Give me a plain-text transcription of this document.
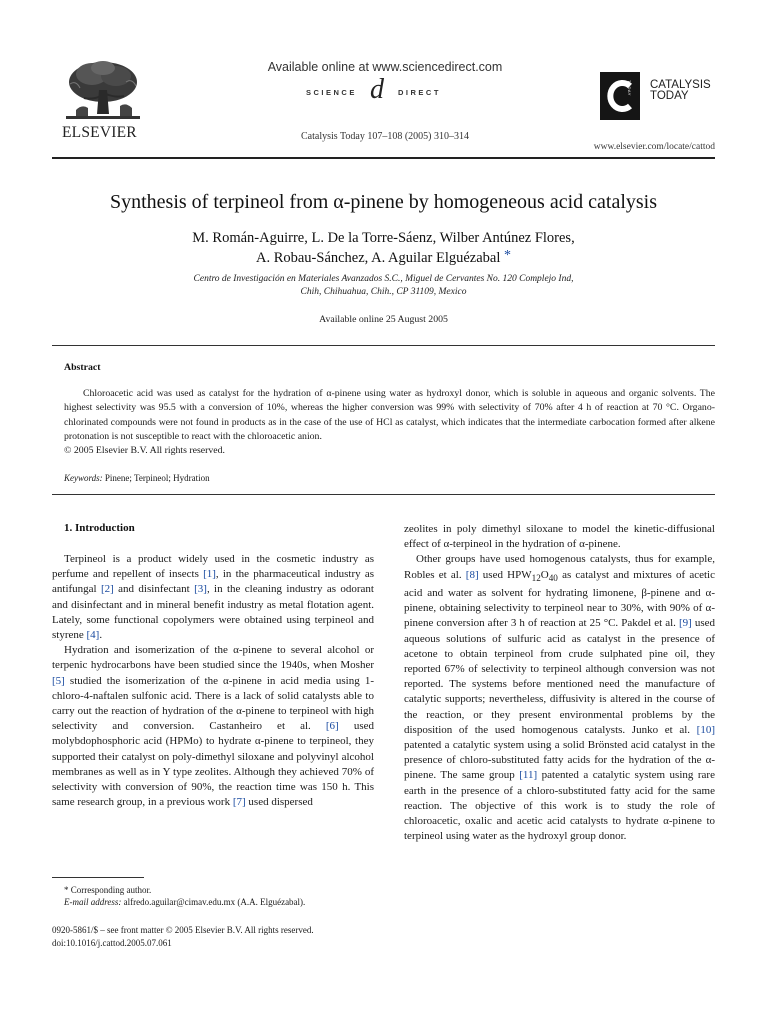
ELSEVIER
Available online at www.sciencedirect.com
SCIENCE d	DIRECT
Catalysis Today 107–108 (2005) 310–314
TODAY CATALYSIS
TODAY
www.elsevier.com/locate/cattod
Synthesis of terpineol from α-pinene by homogeneous acid catalysis
M. Román-Aguirre, L. De la Torre-Sáenz, Wilber Antúnez Flores,
A. Robau-Sánchez, A. Aguilar Elguézabal *
Centro de Investigación en Materiales Avanzados S.C., Miguel de Cervantes No. 120 Complejo Ind,
Chih, Chihuahua, Chih., CP 31109, Mexico
Available online 25 August 2005
Abstract
Chloroacetic acid was used as catalyst for the hydration of α-pinene using water as hydroxyl donor, which is soluble in aqueous and organic solvents. The highest selectivity was 95.5 with a conversion of 10%, whereas the higher conversion was 99% with selectivity of 70% after 4 h of reaction at 70 °C. Organo-chlorinated compounds were not found in products as in the case of the use of HCl as catalyst, which indicates that the intermediate carbocation formed after alkene protonation is not susceptible to react with the chloroacetic anion.
© 2005 Elsevier B.V. All rights reserved.
Keywords: Pinene; Terpineol; Hydration
1. Introduction

Terpineol is a product widely used in the cosmetic industry as perfume and repellent of insects [1], in the pharmaceutical industry as antifungal [2] and disinfectant [3], in the cleaning industry as odorant and disinfectant and in mineral benefit industry as metal flotation agent. Lately, some functional copolymers were obtained using terpineol and styrene [4].

Hydration and isomerization of the α-pinene to several alcohol or terpenic hydrocarbons have been studied since the 1940s, when Mosher [5] studied the isomerization of the α-pinene in acid media using 1-chloro-4-naftalen sulfonic acid. There is a lack of solid catalysts able to carry out the reaction of hydration of the α-pinene to terpineol with high selectivity and conversion. Castanheiro et al. [6] used molybdophosphoric acid (HPMo) to hydrate α-pinene to terpineol, they supported their catalyst on poly-dimethyl siloxane and polyvinyl alcohol membranes as well as in Y type zeolites. Although they achieved 70% of selectivity with conversion of 90%, the reaction time was 150 h. This same research group, in a previous work [7] used dispersed

zeolites in poly dimethyl siloxane to model the kinetic-diffusional effect of α-terpineol in the hydration of α-pinene.

Other groups have used homogenous catalysts, thus for example, Robles et al. [8] used $HPW_{12}O_{40}$ as catalyst and mixtures of acetic acid and water as solvent for hydrating limonene, β-pinene and α-pinene, obtaining selectivity to terpineol near to 30%, with 90% of α-pinene conversion after 3 h of reaction at 25 °C. Pakdel et al. [9] used aqueous solutions of sulfuric acid as catalyst in the presence of acetone to obtain terpineol from crude sulphated pine oil, they reported 67% of selectivity to terpineol although conversion was not reported. The systems before mentioned need the manufacture of catalytic supports; nevertheless, diffusivity is altered in the course of the reaction, or they present environmental problems by the disposition of the used homogenous catalysts. Junko et al. [10] patented a catalytic system using a solid Brönsted acid catalyst in the presence of chloro-substituted fatty acids for the hydration of the α-pinene. The same group [11] patented a catalytic system using rare earth in the presence of a chloro-substituted fatty acid for the same reaction. The objective of this work is to study the role of chloroacetic, oxalic and acetic acid catalysts to hydrate α-pinene to terpineol using water as the hydroxyl group donor.

* Corresponding author.
E-mail address: alfredo.aguilar@cimav.edu.mx (A.A. Elguézabal).
0920-5861/$ – see front matter © 2005 Elsevier B.V. All rights reserved.
doi:10.1016/j.cattod.2005.07.061
